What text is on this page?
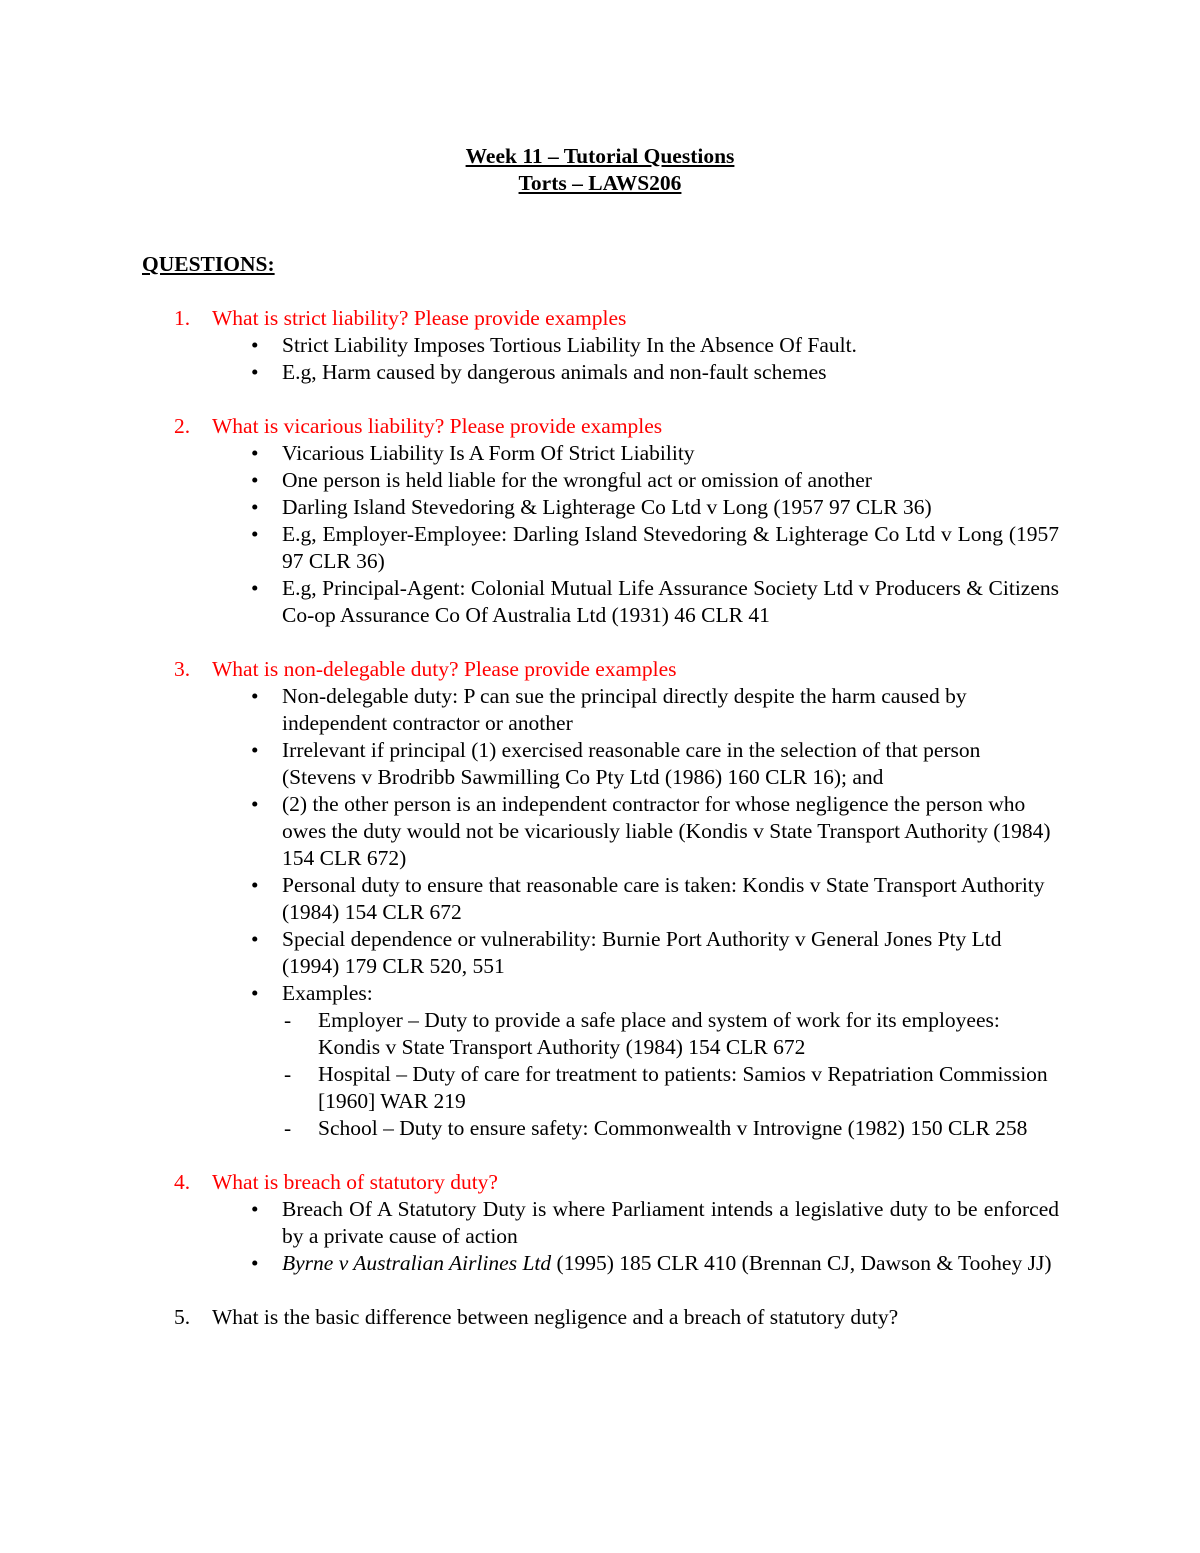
Week 11 – Tutorial Questions
Torts – LAWS206
QUESTIONS:
1. What is strict liability? Please provide examples
• Strict Liability Imposes Tortious Liability In the Absence Of Fault.
• E.g, Harm caused by dangerous animals and non-fault schemes
2. What is vicarious liability? Please provide examples
• Vicarious Liability Is A Form Of Strict Liability
• One person is held liable for the wrongful act or omission of another
• Darling Island Stevedoring & Lighterage Co Ltd v Long (1957 97 CLR 36)
• E.g, Employer-Employee: Darling Island Stevedoring & Lighterage Co Ltd v Long (1957 97 CLR 36)
• E.g, Principal-Agent: Colonial Mutual Life Assurance Society Ltd v Producers & Citizens Co-op Assurance Co Of Australia Ltd (1931) 46 CLR 41
3. What is non-delegable duty? Please provide examples
• Non-delegable duty: P can sue the principal directly despite the harm caused by independent contractor or another
• Irrelevant if principal (1) exercised reasonable care in the selection of that person (Stevens v Brodribb Sawmilling Co Pty Ltd (1986) 160 CLR 16); and
• (2) the other person is an independent contractor for whose negligence the person who owes the duty would not be vicariously liable (Kondis v State Transport Authority (1984) 154 CLR 672)
• Personal duty to ensure that reasonable care is taken: Kondis v State Transport Authority (1984) 154 CLR 672
• Special dependence or vulnerability: Burnie Port Authority v General Jones Pty Ltd (1994) 179 CLR 520, 551
• Examples:
- Employer – Duty to provide a safe place and system of work for its employees: Kondis v State Transport Authority (1984) 154 CLR 672
- Hospital – Duty of care for treatment to patients: Samios v Repatriation Commission [1960] WAR 219
- School – Duty to ensure safety: Commonwealth v Introvigne (1982) 150 CLR 258
4. What is breach of statutory duty?
• Breach Of A Statutory Duty is where Parliament intends a legislative duty to be enforced by a private cause of action
• Byrne v Australian Airlines Ltd (1995) 185 CLR 410 (Brennan CJ, Dawson & Toohey JJ)
5. What is the basic difference between negligence and a breach of statutory duty?
